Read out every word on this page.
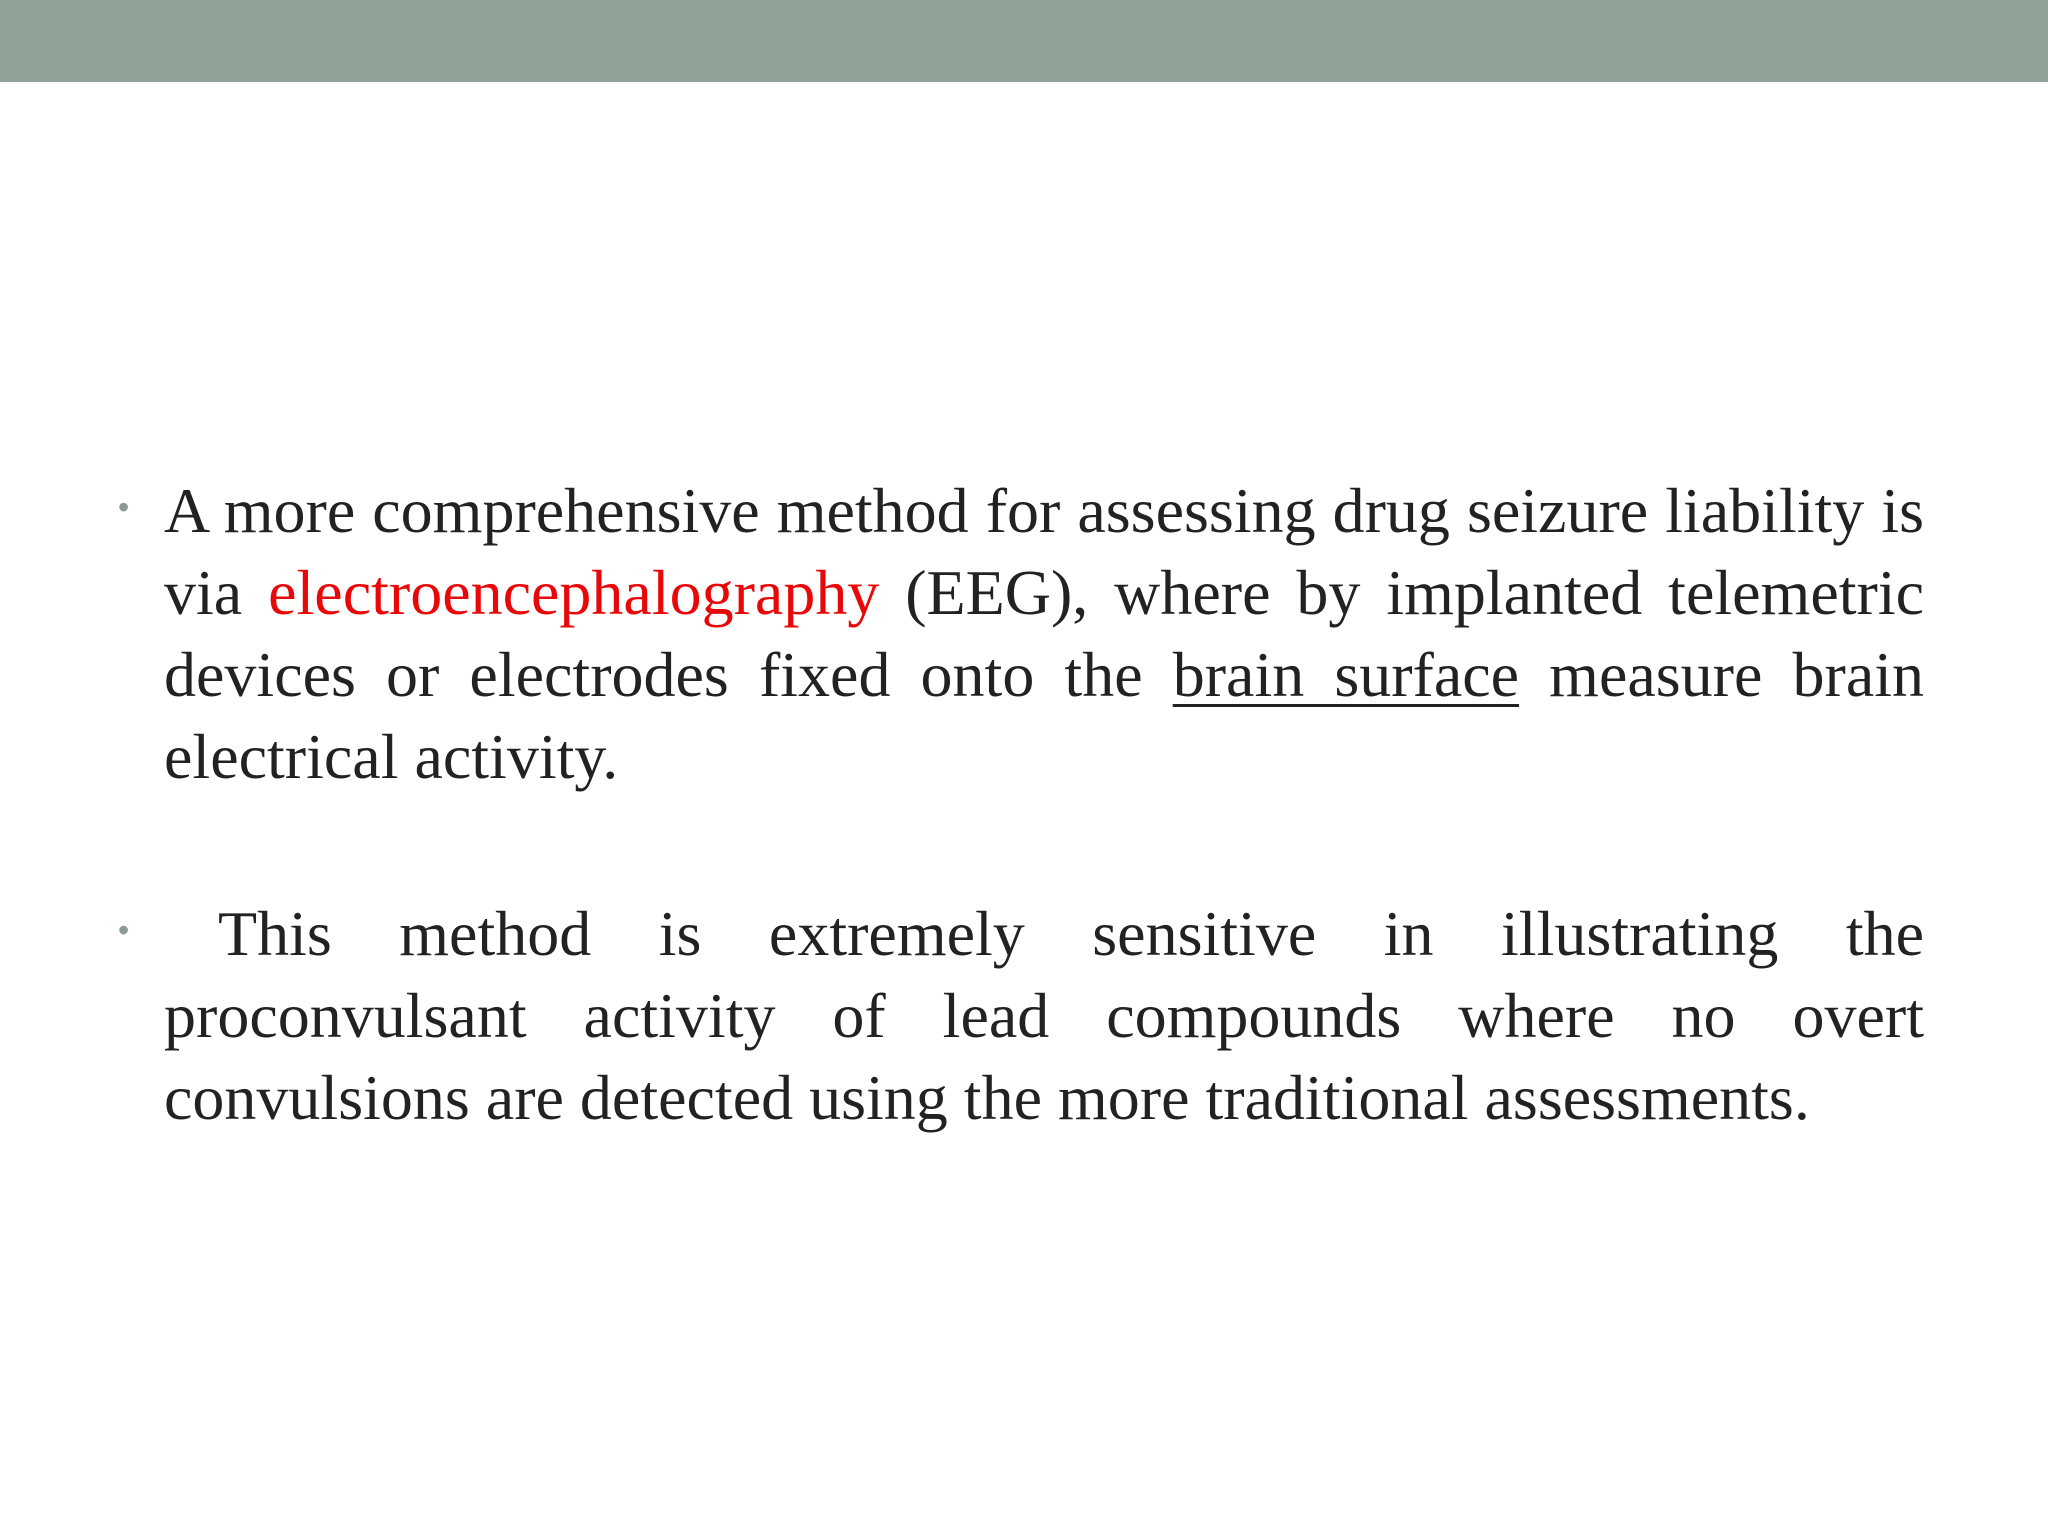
• A more comprehensive method for assessing drug seizure liability is via electroencephalography (EEG), where by implanted telemetric devices or electrodes fixed onto the brain surface measure brain electrical activity.

• This method is extremely sensitive in illustrating the proconvulsant activity of lead compounds where no overt convulsions are detected using the more traditional assessments.
